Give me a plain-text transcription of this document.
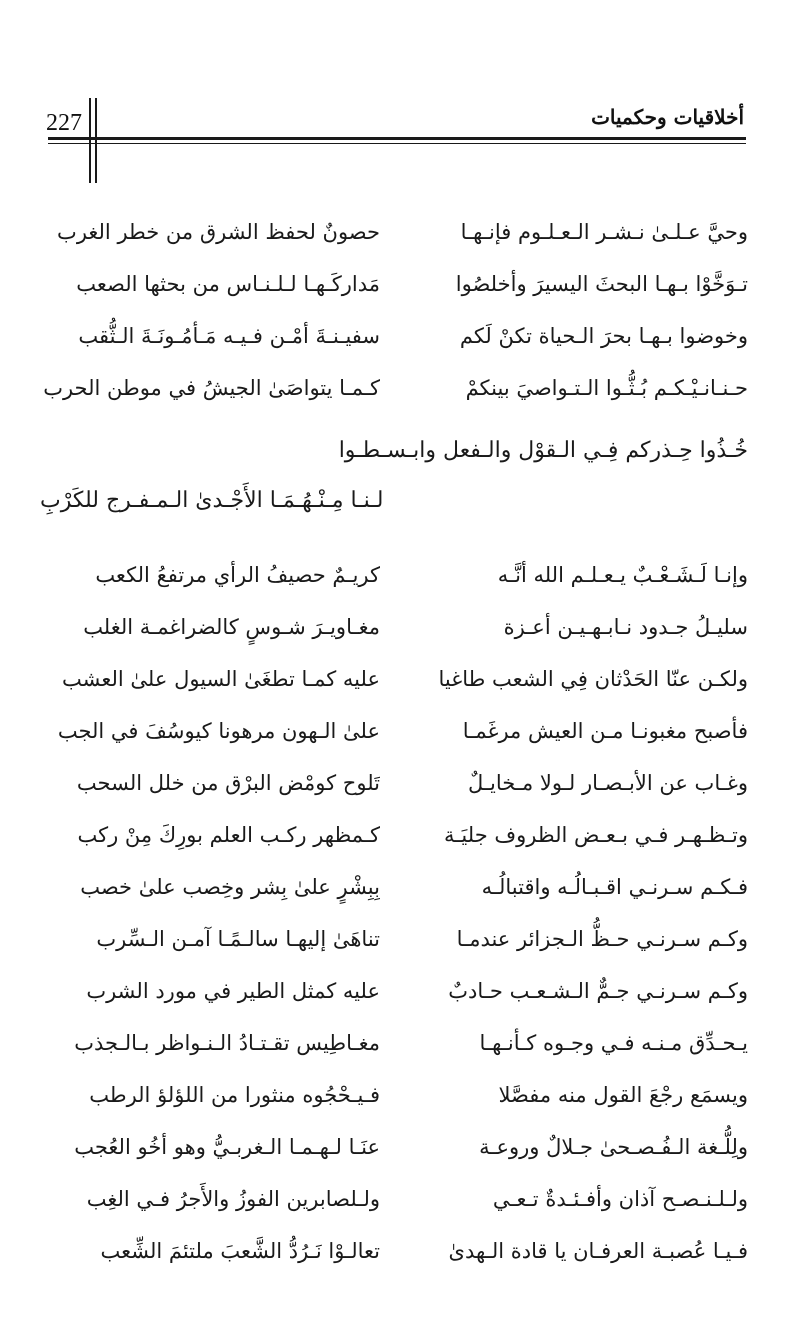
227	أخلاقيات وحكميات
وحيَّ عـلـىٰ نـشـر الـعـلـوم فإنـهـا
حصونٌ لحفظ الشرق من خطر الغرب
تـوَخَّوْا بـهـا البحثَ اليسيرَ وأخلصُوا
مَداركَـهـا لـلـنـاس من بحثها الصعب
وخوضوا بـهـا بحرَ الـحياة تكنْ لَكم
سفيـنـةَ أمْـن فـيـه مَـأمُـونَـةَ الـثُّقب
حـنـانـيْـكـم بُـثُّـوا الـتـواصيَ بينكمْ
كـمـا يتواصَىٰ الجيشُ في موطن الحرب
خُـذُوا حِـذركم فِـي الـقوْل والـفعل وابـسـطـوا
لـنـا مِـنْـهُـمَـا الأَجْـدىٰ الـمـفـرج للكَرْبِ
وإنـا لَـشَـعْـبٌ يـعـلـم الله أنَّـه
كريـمٌ حصيفُ الرأي مرتفعُ الكعب
سليـلُ جـدود نـابـهـيـن أعـزة
مغـاويـرَ شـوسٍ كالضراغمـة الغلب
ولكـن عنّا الحَدْثان فِي الشعب طاغيا
عليه كمـا تطغَىٰ السيول علىٰ العشب
فأصبح مغبونـا مـن العيش مرغَمـا
علىٰ الـهون مرهونا كيوسُفَ في الجب
وغـاب عن الأبـصـار لـولا مـخايـلٌ
تَلوح كومْض البرْق من خلل السحب
وتـظـهـر فـي بـعـض الظروف جليَـة
كـمظهر ركـب العلم بورِكَ مِنْ ركب
فـكـم سـرنـي اقـبـالُـه واقتبالُـه
بِبِشْرٍ علىٰ بِشر وخِصب علىٰ خصب
وكـم سـرنـي حـظُّ الـجزائر عندمـا
تناهَىٰ إليهـا سالـمًـا آمـن الـسِّرب
وكـم سـرنـي جـمٌّ الـشـعـب حـادبٌ
عليه كمثل الطير في مورد الشرب
يـحـدِّق مـنـه فـي وجـوه كـأنـهـا
مغـاطِيس تقـتـادُ الـنـواظر بـالـجذب
ويسمَع رجْعَ القول منه مفصَّلا
فـيـحْجُوه منثورا من اللؤلؤ الرطب
ولِلُّـغة الـفُـصـحىٰ جـلالٌ وروعـة
عنَـا لـهـمـا الـغربـيُّ وهو أخُو العُجب
ولـلـنـصـح آذان وأفـئـدةٌ تـعـي
ولـلصابرين الفوزُ والأَجرُ فـي الغِب
فـيـا عُصبـة العرفـان يا قادة الـهدىٰ
تعالـوْا نَـرُدُّ الشَّعبَ ملتئمَ الشِّعب
